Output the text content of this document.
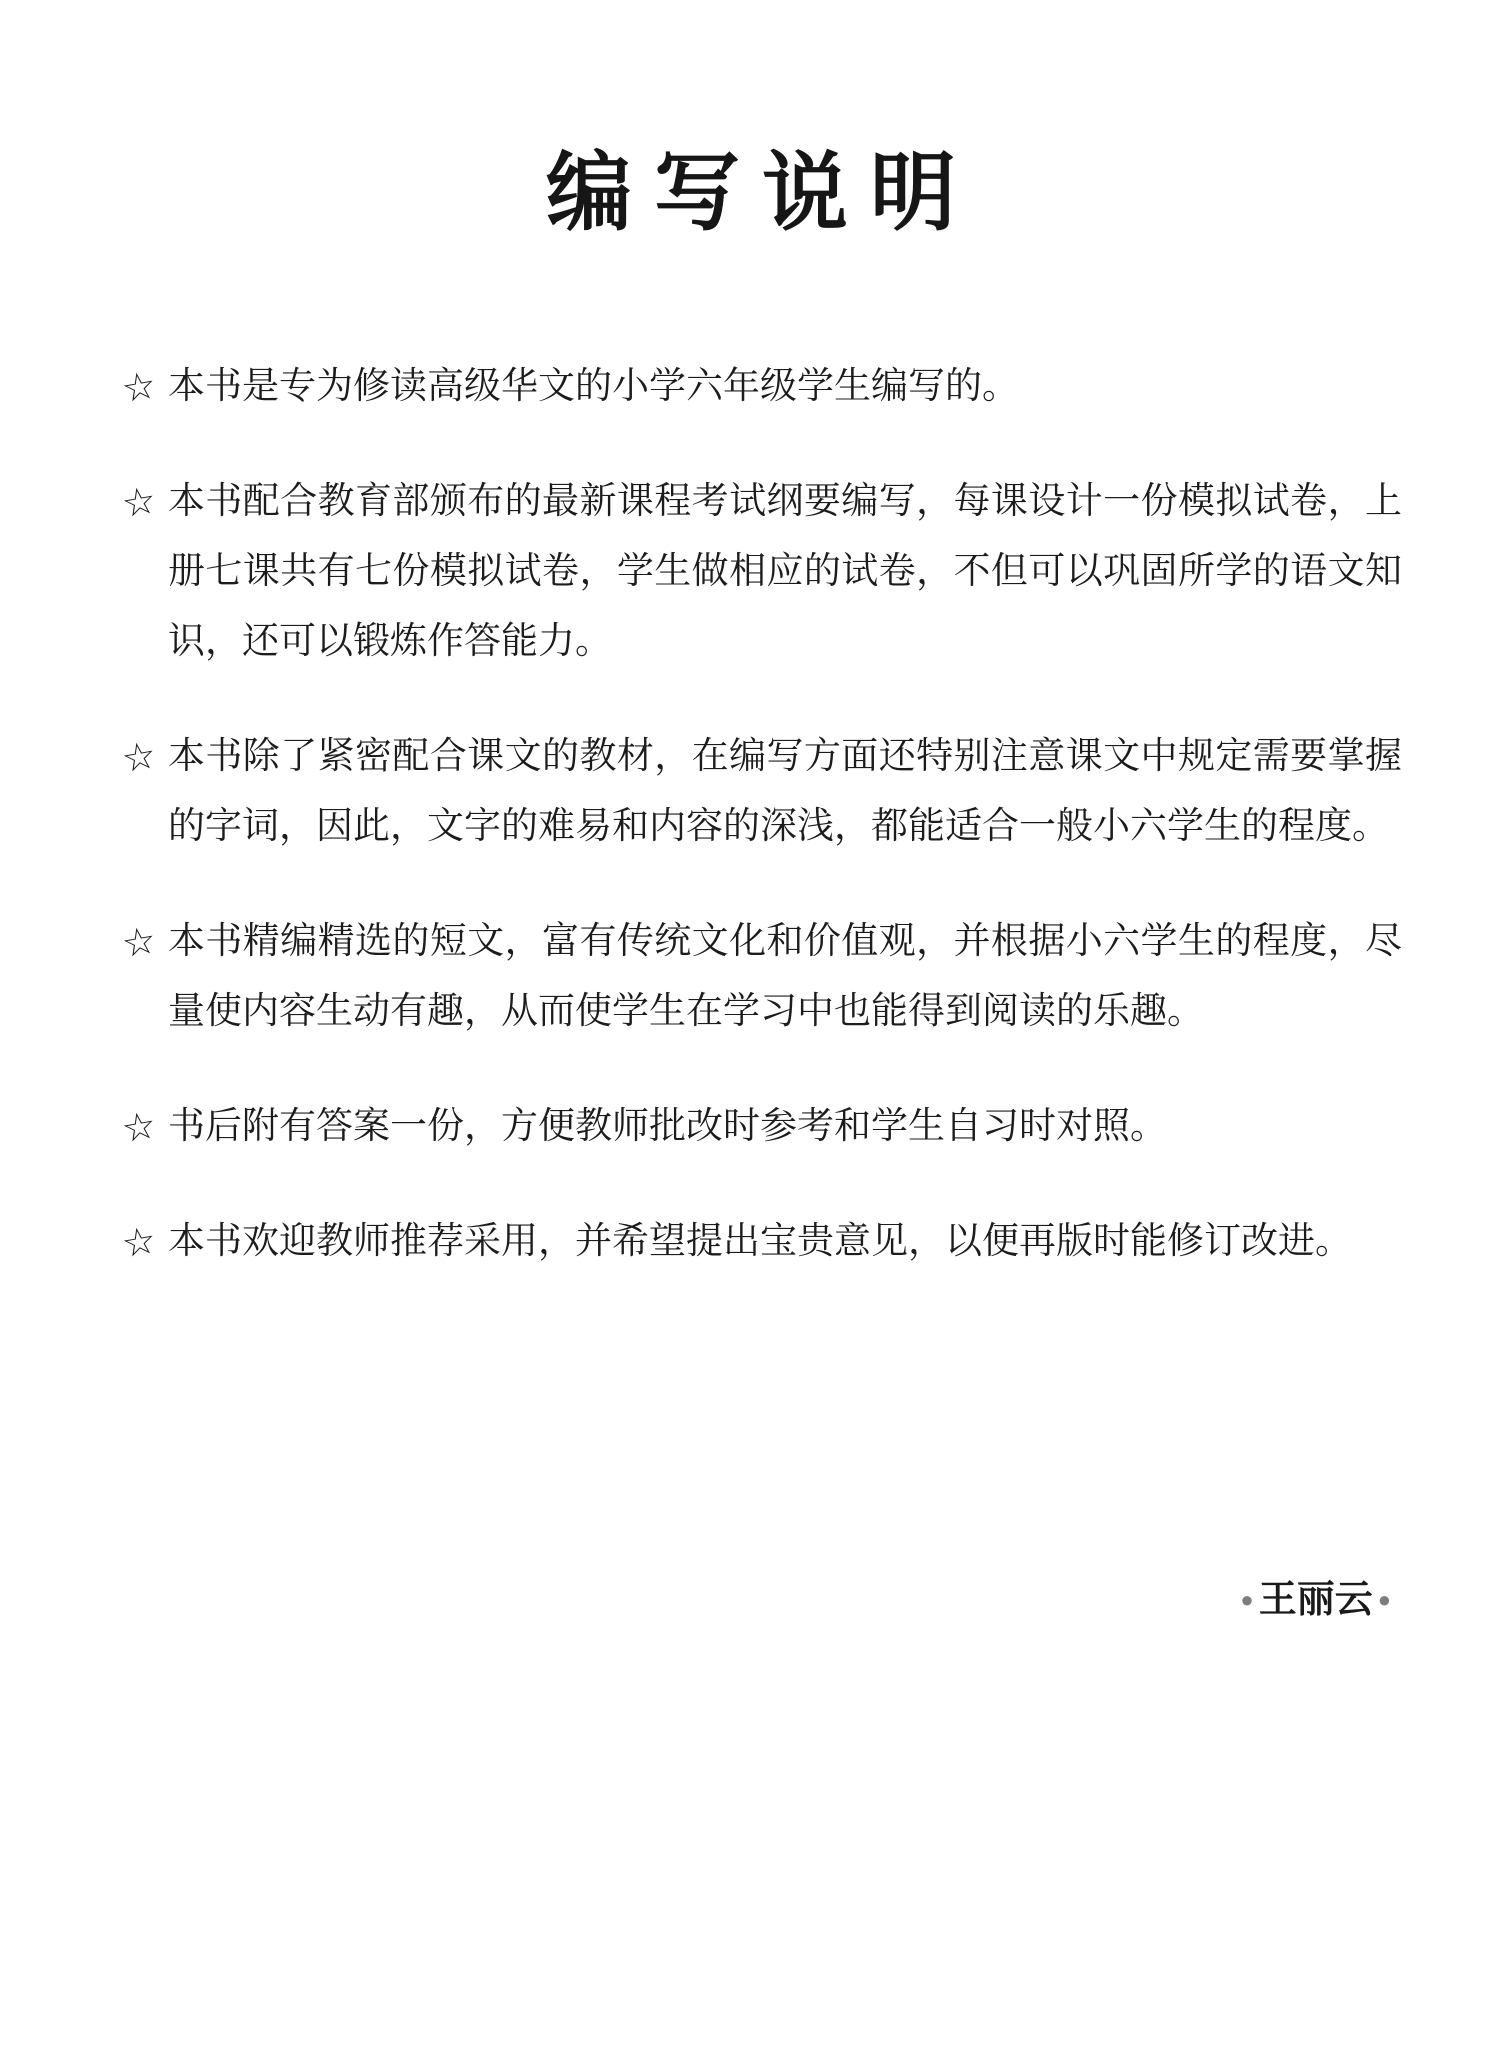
编写说明
☆ 本书是专为修读高级华文的小学六年级学生编写的。
☆ 本书配合教育部颁布的最新课程考试纲要编写，每课设计一份模拟试卷，上册七课共有七份模拟试卷，学生做相应的试卷，不但可以巩固所学的语文知识，还可以锻炼作答能力。
☆ 本书除了紧密配合课文的教材，在编写方面还特别注意课文中规定需要掌握的字词，因此，文字的难易和内容的深浅，都能适合一般小六学生的程度。
☆ 本书精编精选的短文，富有传统文化和价值观，并根据小六学生的程度，尽量使内容生动有趣，从而使学生在学习中也能得到阅读的乐趣。
☆ 书后附有答案一份，方便教师批改时参考和学生自习时对照。
☆ 本书欢迎教师推荐采用，并希望提出宝贵意见，以便再版时能修订改进。
● 王丽云 ●
